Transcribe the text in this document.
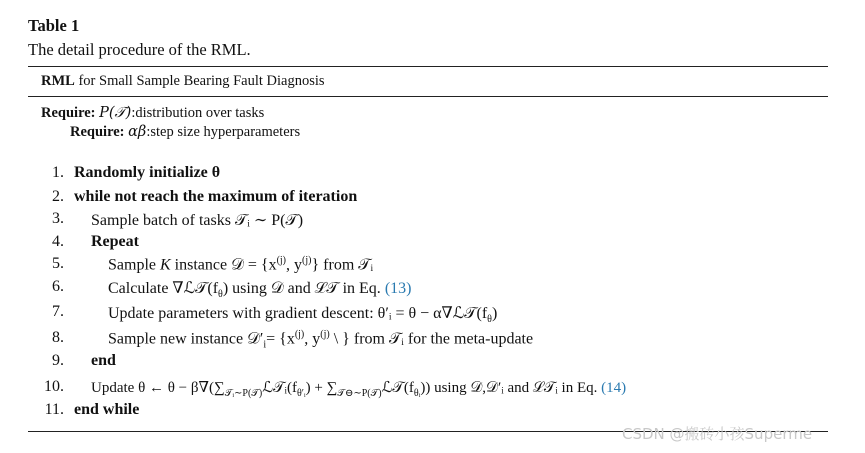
Table 1
The detail procedure of the RML.
RML for Small Sample Bearing Fault Diagnosis
Require: P(𝒯):distribution over tasks
Require: αβ:step size hyperparameters
1. Randomly initialize θ
2. while not reach the maximum of iteration
3. Sample batch of tasks 𝒯ᵢ ∼ P(𝒯)
4. Repeat
5.	Sample K instance 𝒟 = {$x^{(j)}$, $y^{(j)}$} from 𝒯ᵢ
6.	Calculate $\nabla ℒ𝒯(f_\theta)$ using 𝒟 and ℒ𝒯 in Eq. (13)
7.	Update parameters with gradient descent: θ′ᵢ = $\theta - \alpha\nabla ℒ𝒯(f_\theta)$
8.	Sample new instance $𝒟'_i= \{x^{(j)}$, $y^{(j)}$ \ } from 𝒯ᵢ for the meta-update
9. end
10. Update θ ← $\theta - \beta\nabla(\sum_{𝒯ᵢ\sim P(𝒯)}ℒ𝒯ᵢ(f_{\theta'ᵢ})$ + $\sum_{𝒯⊖\sim P(𝒯)}ℒ𝒯(f_{\theta ᵢ})$) using 𝒟,𝒟′ᵢ and ℒ𝒯ᵢ in Eq. (14)
11. end while
CSDN @搬砖小孩Superme
